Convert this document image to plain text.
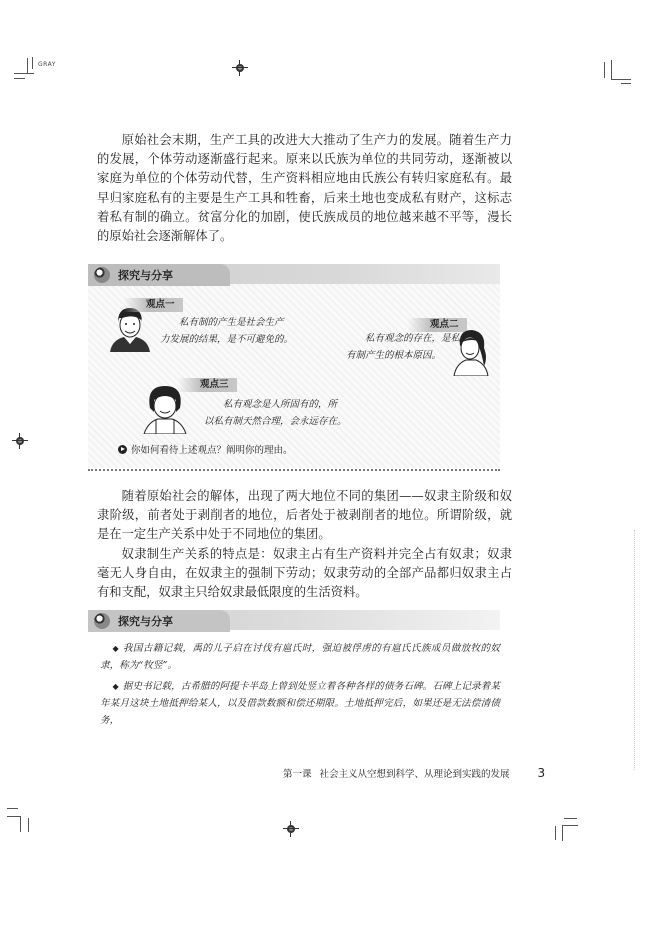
GRAY

原始社会末期，生产工具的改进大大推动了生产力的发展。随着生产力的发展，个体劳动逐渐盛行起来。原来以氏族为单位的共同劳动，逐渐被以家庭为单位的个体劳动代替，生产资料相应地由氏族公有转归家庭私有。最早归家庭私有的主要是生产工具和牲畜，后来土地也变成私有财产，这标志着私有制的确立。贫富分化的加剧，使氏族成员的地位越来越不平等，漫长的原始社会逐渐解体了。

探究与分享
观点一
私有制的产生是社会生产
力发展的结果，是不可避免的。
观点二
私有观念的存在，是私
有制产生的根本原因。
观点三
私有观念是人所固有的，所
以私有制天然合理，会永远存在。
你如何看待上述观点？阐明你的理由。

随着原始社会的解体，出现了两大地位不同的集团——奴隶主阶级和奴隶阶级，前者处于剥削者的地位，后者处于被剥削者的地位。所谓阶级，就是在一定生产关系中处于不同地位的集团。

奴隶制生产关系的特点是：奴隶主占有生产资料并完全占有奴隶；奴隶毫无人身自由，在奴隶主的强制下劳动；奴隶劳动的全部产品都归奴隶主占有和支配，奴隶主只给奴隶最低限度的生活资料。

探究与分享

◆ 我国古籍记载，禹的儿子启在讨伐有扈氏时，强迫被俘虏的有扈氏氏族成员做放牧的奴隶，称为“牧竖”。

◆ 据史书记载，古希腊的阿提卡半岛上曾到处竖立着各种各样的债务石碑。石碑上记录着某年某月这块土地抵押给某人，以及借款数额和偿还期限。土地抵押完后，如果还是无法偿清债务，

第一课 社会主义从空想到科学、从理论到实践的发展 3
